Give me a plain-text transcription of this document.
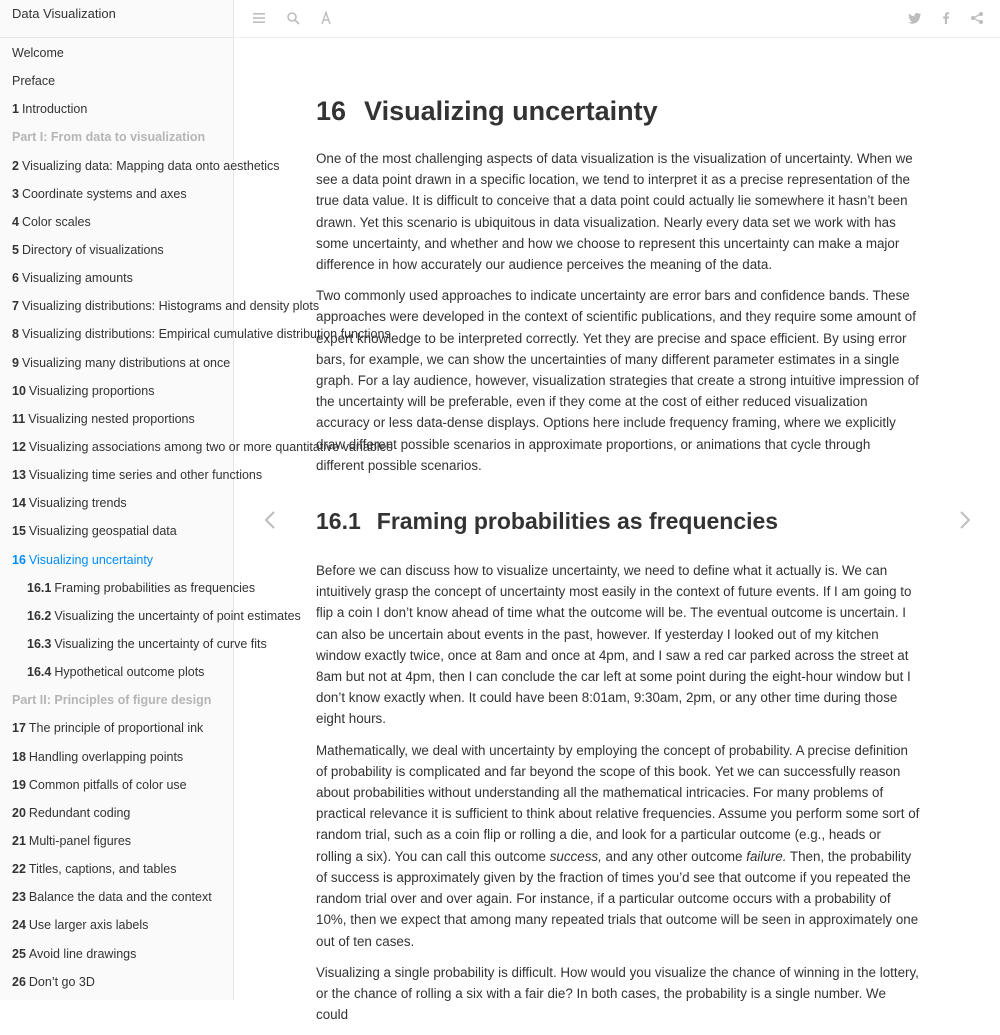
Data Visualization
Welcome
Preface
1 Introduction
Part I: From data to visualization
2 Visualizing data: Mapping data onto aesthetics
3 Coordinate systems and axes
4 Color scales
5 Directory of visualizations
6 Visualizing amounts
7 Visualizing distributions: Histograms and density plots
8 Visualizing distributions: Empirical cumulative distribution functions
9 Visualizing many distributions at once
10 Visualizing proportions
11 Visualizing nested proportions
12 Visualizing associations among two or more quantitative variables
13 Visualizing time series and other functions
14 Visualizing trends
15 Visualizing geospatial data
16 Visualizing uncertainty
16.1 Framing probabilities as frequencies
16.2 Visualizing the uncertainty of point estimates
16.3 Visualizing the uncertainty of curve fits
16.4 Hypothetical outcome plots
Part II: Principles of figure design
17 The principle of proportional ink
18 Handling overlapping points
19 Common pitfalls of color use
20 Redundant coding
21 Multi-panel figures
22 Titles, captions, and tables
23 Balance the data and the context
24 Use larger axis labels
25 Avoid line drawings
26 Don’t go 3D
16 Visualizing uncertainty

One of the most challenging aspects of data visualization is the visualization of uncertainty. When we see a data point drawn in a specific location, we tend to interpret it as a precise representation of the true data value. It is difficult to conceive that a data point could actually lie somewhere it hasn’t been drawn. Yet this scenario is ubiquitous in data visualization. Nearly every data set we work with has some uncertainty, and whether and how we choose to represent this uncertainty can make a major difference in how accurately our audience perceives the meaning of the data.

Two commonly used approaches to indicate uncertainty are error bars and confidence bands. These approaches were developed in the context of scientific publications, and they require some amount of expert knowledge to be interpreted correctly. Yet they are precise and space efficient. By using error bars, for example, we can show the uncertainties of many different parameter estimates in a single graph. For a lay audience, however, visualization strategies that create a strong intuitive impression of the uncertainty will be preferable, even if they come at the cost of either reduced visualization accuracy or less data-dense displays. Options here include frequency framing, where we explicitly draw different possible scenarios in approximate proportions, or animations that cycle through different possible scenarios.

16.1 Framing probabilities as frequencies

Before we can discuss how to visualize uncertainty, we need to define what it actually is. We can intuitively grasp the concept of uncertainty most easily in the context of future events. If I am going to flip a coin I don’t know ahead of time what the outcome will be. The eventual outcome is uncertain. I can also be uncertain about events in the past, however. If yesterday I looked out of my kitchen window exactly twice, once at 8am and once at 4pm, and I saw a red car parked across the street at 8am but not at 4pm, then I can conclude the car left at some point during the eight-hour window but I don’t know exactly when. It could have been 8:01am, 9:30am, 2pm, or any other time during those eight hours.

Mathematically, we deal with uncertainty by employing the concept of probability. A precise definition of probability is complicated and far beyond the scope of this book. Yet we can successfully reason about probabilities without understanding all the mathematical intricacies. For many problems of practical relevance it is sufficient to think about relative frequencies. Assume you perform some sort of random trial, such as a coin flip or rolling a die, and look for a particular outcome (e.g., heads or rolling a six). You can call this outcome success, and any other outcome failure. Then, the probability of success is approximately given by the fraction of times you’d see that outcome if you repeated the random trial over and over again. For instance, if a particular outcome occurs with a probability of 10%, then we expect that among many repeated trials that outcome will be seen in approximately one out of ten cases.

Visualizing a single probability is difficult. How would you visualize the chance of winning in the lottery, or the chance of rolling a six with a fair die? In both cases, the probability is a single number. We could
